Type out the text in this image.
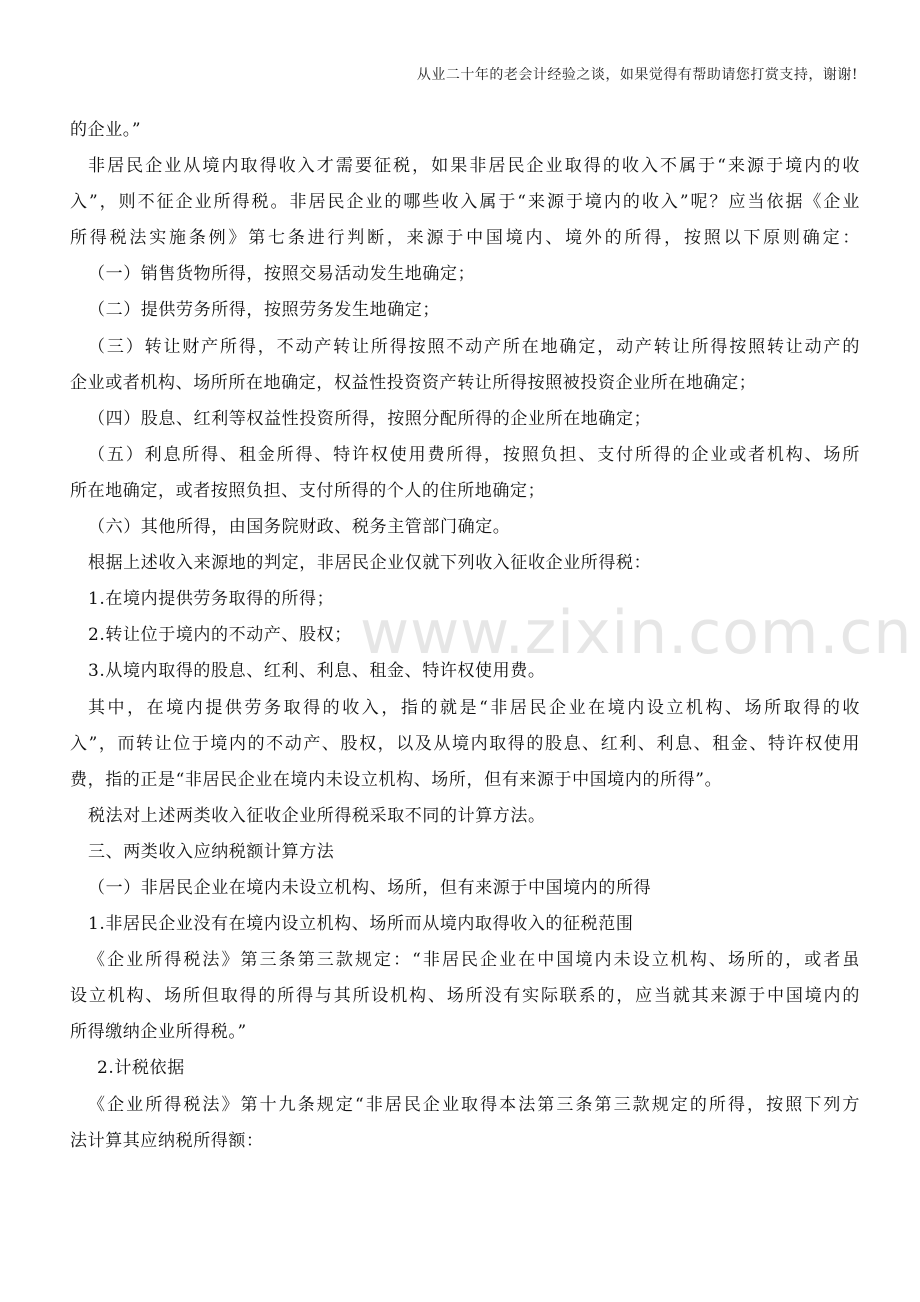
从业二十年的老会计经验之谈，如果觉得有帮助请您打赏支持，谢谢!
www.zixin.com.cn
的企业。”
非居民企业从境内取得收入才需要征税，如果非居民企业取得的收入不属于“来源于境内的收
入”，则不征企业所得税。非居民企业的哪些收入属于“来源于境内的收入”呢？应当依据《企业
所得税法实施条例》第七条进行判断，来源于中国境内、境外的所得，按照以下原则确定：
（一）销售货物所得，按照交易活动发生地确定；
（二）提供劳务所得，按照劳务发生地确定；
（三）转让财产所得，不动产转让所得按照不动产所在地确定，动产转让所得按照转让动产的
企业或者机构、场所所在地确定，权益性投资资产转让所得按照被投资企业所在地确定；
（四）股息、红利等权益性投资所得，按照分配所得的企业所在地确定；
（五）利息所得、租金所得、特许权使用费所得，按照负担、支付所得的企业或者机构、场所
所在地确定，或者按照负担、支付所得的个人的住所地确定；
（六）其他所得，由国务院财政、税务主管部门确定。
根据上述收入来源地的判定，非居民企业仅就下列收入征收企业所得税：
1.在境内提供劳务取得的所得；
2.转让位于境内的不动产、股权；
3.从境内取得的股息、红利、利息、租金、特许权使用费。
其中，在境内提供劳务取得的收入，指的就是“非居民企业在境内设立机构、场所取得的收
入”，而转让位于境内的不动产、股权，以及从境内取得的股息、红利、利息、租金、特许权使用
费，指的正是“非居民企业在境内未设立机构、场所，但有来源于中国境内的所得”。
税法对上述两类收入征收企业所得税采取不同的计算方法。
三、两类收入应纳税额计算方法
（一）非居民企业在境内未设立机构、场所，但有来源于中国境内的所得
1.非居民企业没有在境内设立机构、场所而从境内取得收入的征税范围
《企业所得税法》第三条第三款规定：“非居民企业在中国境内未设立机构、场所的，或者虽
设立机构、场所但取得的所得与其所设机构、场所没有实际联系的，应当就其来源于中国境内的
所得缴纳企业所得税。”
2.计税依据
《企业所得税法》第十九条规定“非居民企业取得本法第三条第三款规定的所得，按照下列方
法计算其应纳税所得额：
